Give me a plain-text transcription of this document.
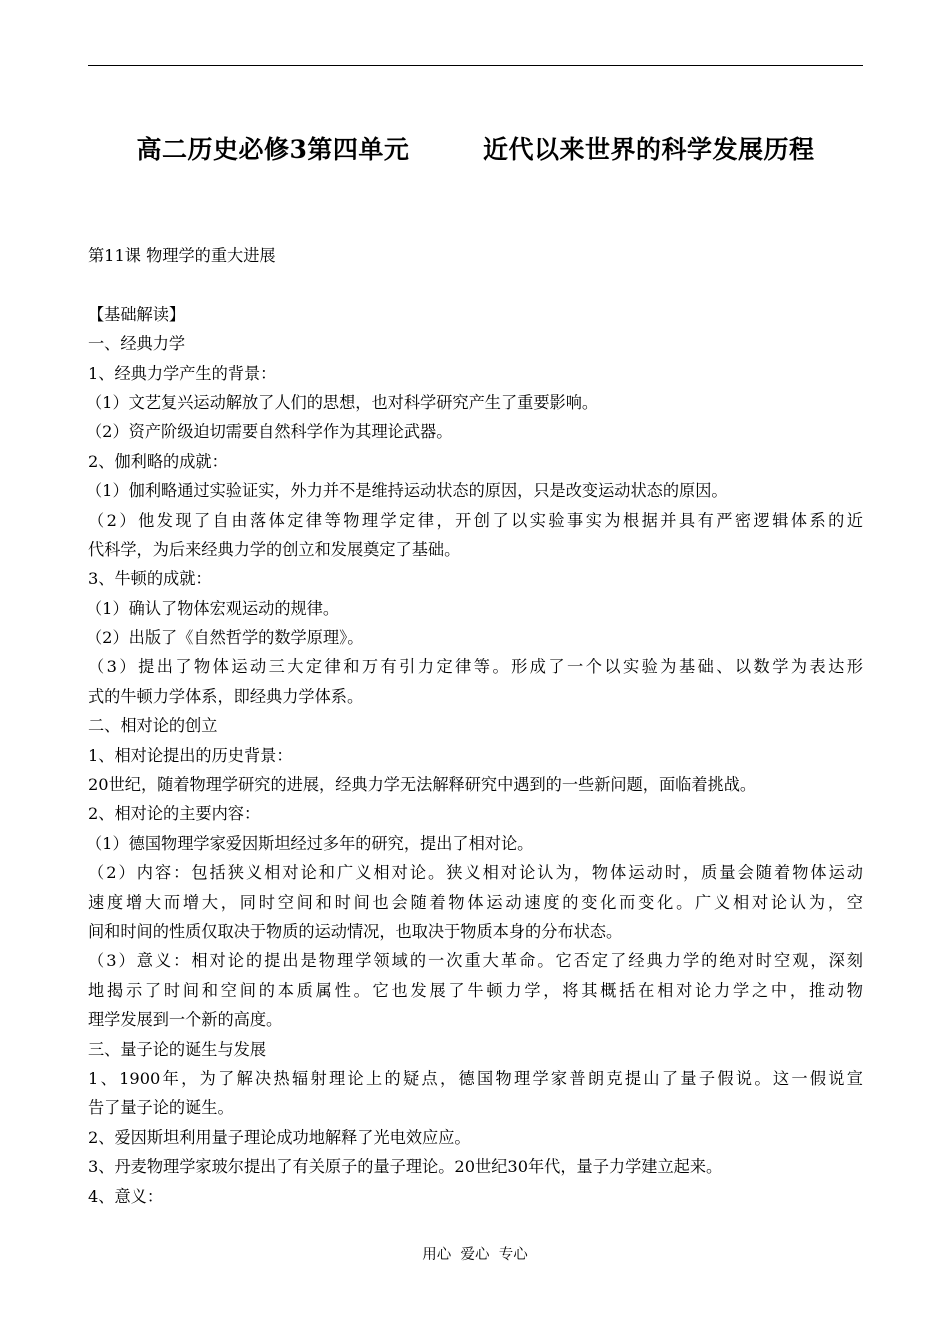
高二历史必修3第四单元        近代以来世界的科学发展历程
第11课 物理学的重大进展
【基础解读】
一、经典力学
1、经典力学产生的背景：
（1）文艺复兴运动解放了人们的思想，也对科学研究产生了重要影响。
（2）资产阶级迫切需要自然科学作为其理论武器。
2、伽利略的成就：
（1）伽利略通过实验证实，外力并不是维持运动状态的原因，只是改变运动状态的原因。
（2）他发现了自由落体定律等物理学定律，开创了以实验事实为根据并具有严密逻辑体系的近
代科学，为后来经典力学的创立和发展奠定了基础。
3、牛顿的成就：
（1）确认了物体宏观运动的规律。
（2）出版了《自然哲学的数学原理》。
（3）提出了物体运动三大定律和万有引力定律等。形成了一个以实验为基础、以数学为表达形
式的牛顿力学体系，即经典力学体系。
二、相对论的创立
1、相对论提出的历史背景：
20世纪，随着物理学研究的进展，经典力学无法解释研究中遇到的一些新问题，面临着挑战。
2、相对论的主要内容：
（1）德国物理学家爱因斯坦经过多年的研究，提出了相对论。
（2）内容：包括狭义相对论和广义相对论。狭义相对论认为，物体运动时，质量会随着物体运动
速度增大而增大，同时空间和时间也会随着物体运动速度的变化而变化。广义相对论认为，空
间和时间的性质仅取决于物质的运动情况，也取决于物质本身的分布状态。
（3）意义：相对论的提出是物理学领域的一次重大革命。它否定了经典力学的绝对时空观，深刻
地揭示了时间和空间的本质属性。它也发展了牛顿力学，将其概括在相对论力学之中，推动物
理学发展到一个新的高度。
三、量子论的诞生与发展
1、1900年，为了解决热辐射理论上的疑点，德国物理学家普朗克提山了量子假说。这一假说宣
告了量子论的诞生。
2、爱因斯坦利用量子理论成功地解释了光电效应应。
3、丹麦物理学家玻尔提出了有关原子的量子理论。20世纪30年代，量子力学建立起来。
4、意义：
用心  爱心  专心
